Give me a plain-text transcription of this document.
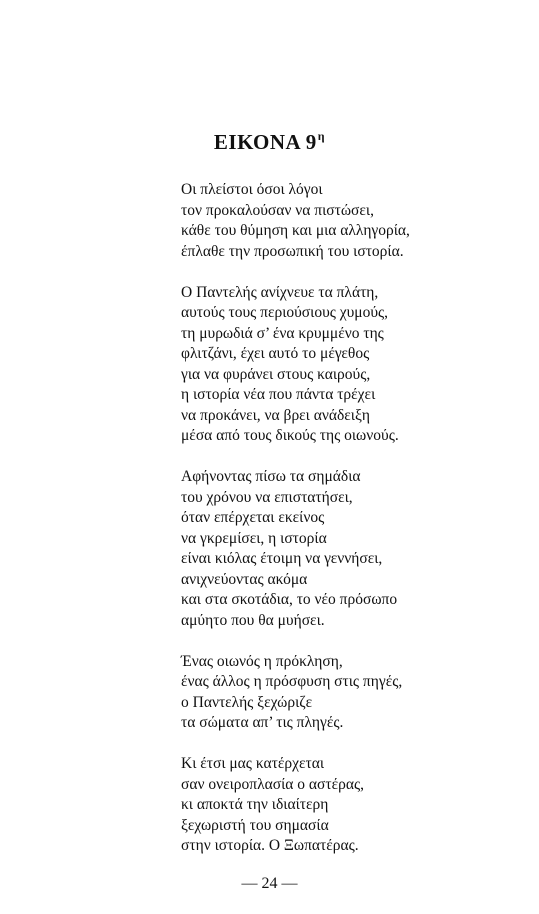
ΕΙΚΟΝΑ $9^\eta$
Οι πλείστοι όσοι λόγοι
τον προκαλούσαν να πιστώσει,
κάθε του θύμηση και μια αλληγορία,
έπλαθε την προσωπική του ιστορία.
Ο Παντελής ανίχνευε τα πλάτη,
αυτούς τους περιούσιους χυμούς,
τη μυρωδιά σ’ ένα κρυμμένο της
φλιτζάνι, έχει αυτό το μέγεθος
για να φυράνει στους καιρούς,
η ιστορία νέα που πάντα τρέχει
να προκάνει, να βρει ανάδειξη
μέσα από τους δικούς της οιωνούς.
Αφήνοντας πίσω τα σημάδια
του χρόνου να επιστατήσει,
όταν επέρχεται εκείνος
να γκρεμίσει, η ιστορία
είναι κιόλας έτοιμη να γεννήσει,
ανιχνεύοντας ακόμα
και στα σκοτάδια, το νέο πρόσωπο
αμύητο που θα μυήσει.
Ένας οιωνός η πρόκληση,
ένας άλλος η πρόσφυση στις πηγές,
ο Παντελής ξεχώριζε
τα σώματα απ’ τις πληγές.
Κι έτσι μας κατέρχεται
σαν ονειροπλασία ο αστέρας,
κι αποκτά την ιδιαίτερη
ξεχωριστή του σημασία
στην ιστορία. Ο Ξωπατέρας.
— 24 —
